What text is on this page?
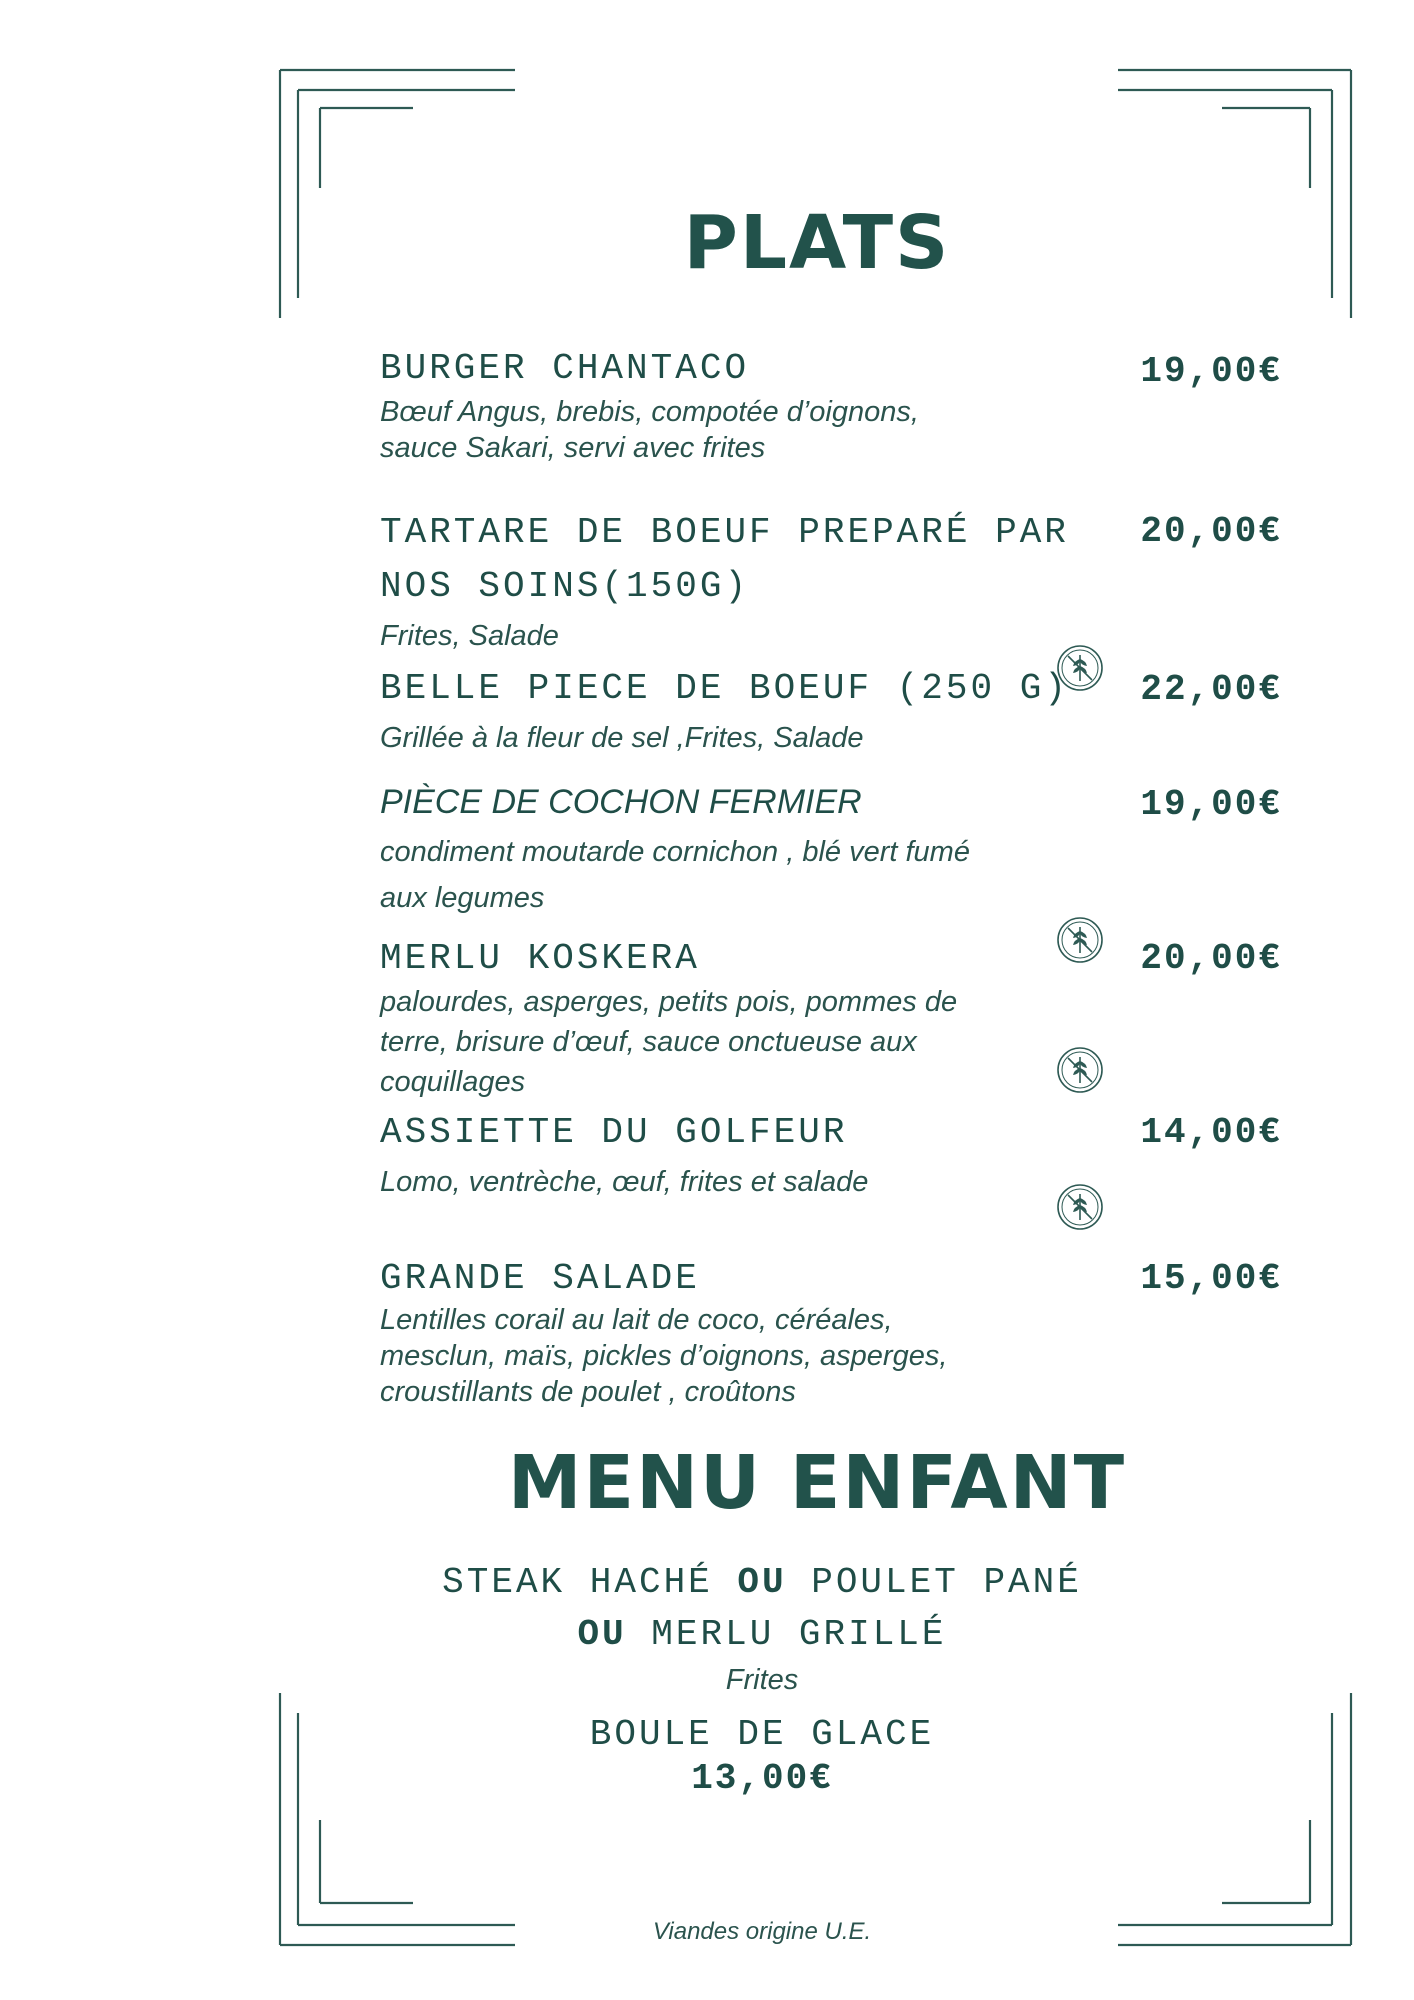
PLATS
BURGER CHANTACO
Bœuf Angus, brebis, compotée d’oignons,
sauce Sakari, servi avec frites
19,00€
TARTARE DE BOEUF PREPARÉ PAR
NOS SOINS(150G)
Frites, Salade
20,00€
BELLE PIECE DE BOEUF (250 G)
Grillée à la fleur de sel ,Frites, Salade
22,00€
PIÈCE DE COCHON FERMIER
condiment moutarde cornichon , blé vert fumé
aux legumes
19,00€
MERLU KOSKERA
palourdes, asperges, petits pois, pommes de
terre, brisure d’œuf, sauce onctueuse aux
coquillages
20,00€
ASSIETTE DU GOLFEUR
Lomo, ventrèche, œuf, frites et salade
14,00€
GRANDE SALADE
Lentilles corail au lait de coco, céréales,
mesclun, maïs, pickles d’oignons, asperges,
croustillants de poulet , croûtons
15,00€
MENU ENFANT
STEAK HACHÉ OU POULET PANÉ
OU MERLU GRILLÉ
Frites
BOULE DE GLACE
13,00€
Viandes origine U.E.
